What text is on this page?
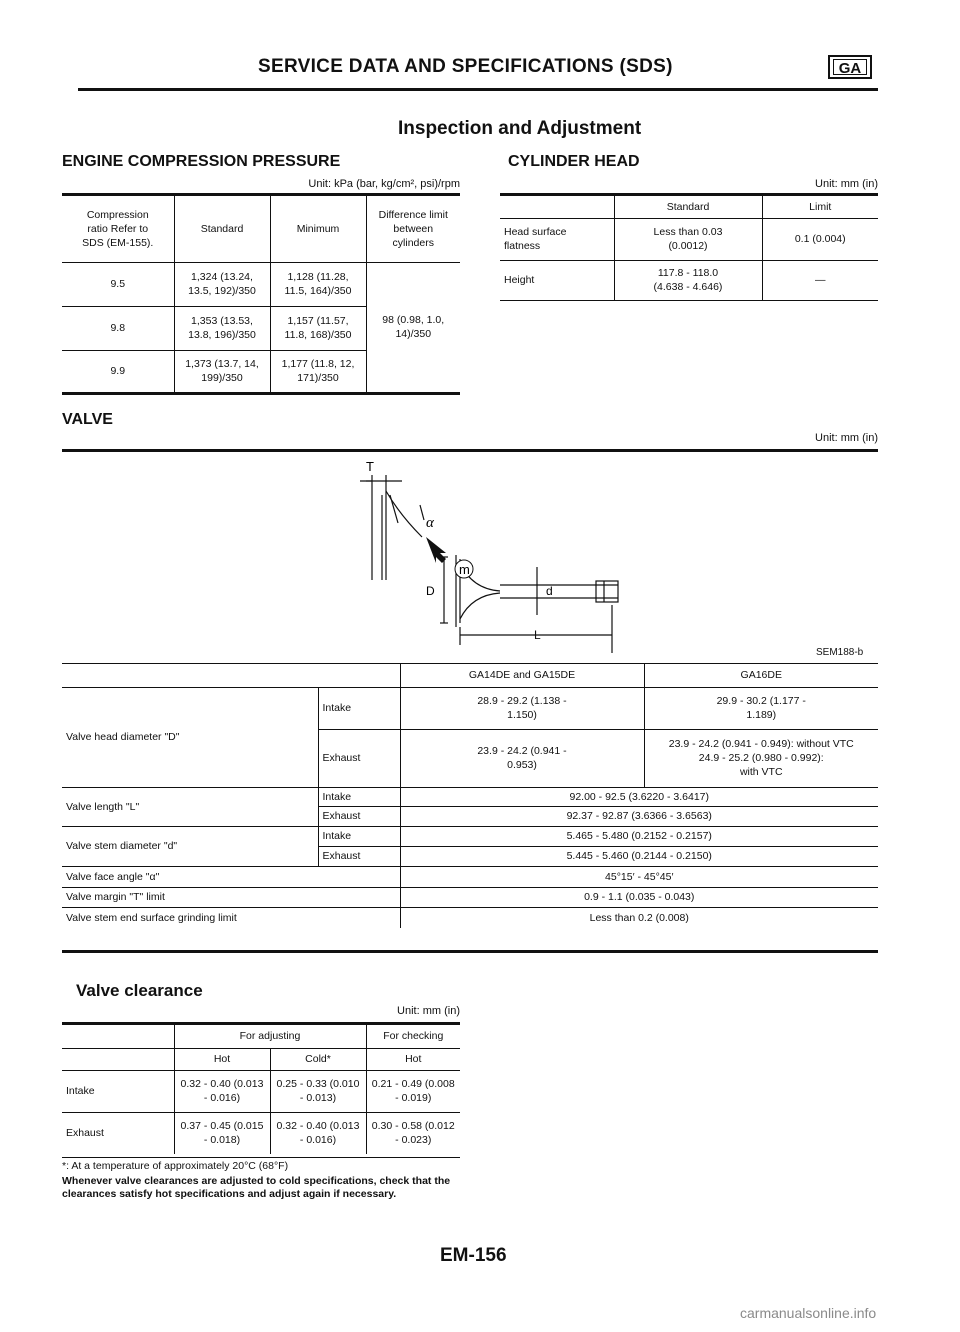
SERVICE DATA AND SPECIFICATIONS (SDS)	GA
Inspection and Adjustment
ENGINE COMPRESSION PRESSURE
Unit: kPa (bar, kg/cm², psi)/rpm
Compression ratio Refer to SDS (EM-155).	Standard	Minimum	Difference limit between cylinders
9.5	1,324 (13.24, 13.5, 192)/350	1,128 (11.28, 11.5, 164)/350	98 (0.98, 1.0, 14)/350
9.8	1,353 (13.53, 13.8, 196)/350	1,157 (11.57, 11.8, 168)/350	
9.9	1,373 (13.7, 14, 199)/350	1,177 (11.8, 12, 171)/350	
CYLINDER HEAD
Unit: mm (in)
	Standard	Limit
Head surface flatness	Less than 0.03 (0.0012)	0.1 (0.004)
Height	117.8 - 118.0 (4.638 - 4.646)	—
VALVE
Unit: mm (in)
m
T
α
D	d
L
SEM188-b
		GA14DE and GA15DE	GA16DE
Valve head diameter "D"	Intake	28.9 - 29.2 (1.138 - 1.150)	29.9 - 30.2 (1.177 - 1.189)
	Exhaust	23.9 - 24.2 (0.941 - 0.953)	23.9 - 24.2 (0.941 - 0.949): without VTC
24.9 - 25.2 (0.980 - 0.992):
with VTC

Valve length "L"	Intake	92.00 - 92.5 (3.6220 - 3.6417)	
	Exhaust	92.37 - 92.87 (3.6366 - 3.6563)	
Valve stem diameter "d"	Intake	5.465 - 5.480 (0.2152 - 0.2157)	
	Exhaust	5.445 - 5.460 (0.2144 - 0.2150)	
Valve face angle "α"		45°15′ - 45°45′	
Valve margin "T" limit		0.9 - 1.1 (0.035 - 0.043)	
Valve stem end surface grinding limit		Less than 0.2 (0.008)	
Valve clearance
Unit: mm (in)
	For adjusting		For checking
	Hot	Cold*	Hot
Intake	0.32 - 0.40 (0.013 - 0.016)	0.25 - 0.33 (0.010 - 0.013)	0.21 - 0.49 (0.008 - 0.019)
Exhaust	0.37 - 0.45 (0.015 - 0.018)	0.32 - 0.40 (0.013 - 0.016)	0.30 - 0.58 (0.012 - 0.023)
*: At a temperature of approximately 20°C (68°F)
Whenever valve clearances are adjusted to cold specifications, check that the clearances satisfy hot specifications and adjust again if necessary.
EM-156
carmanualsonline.info
